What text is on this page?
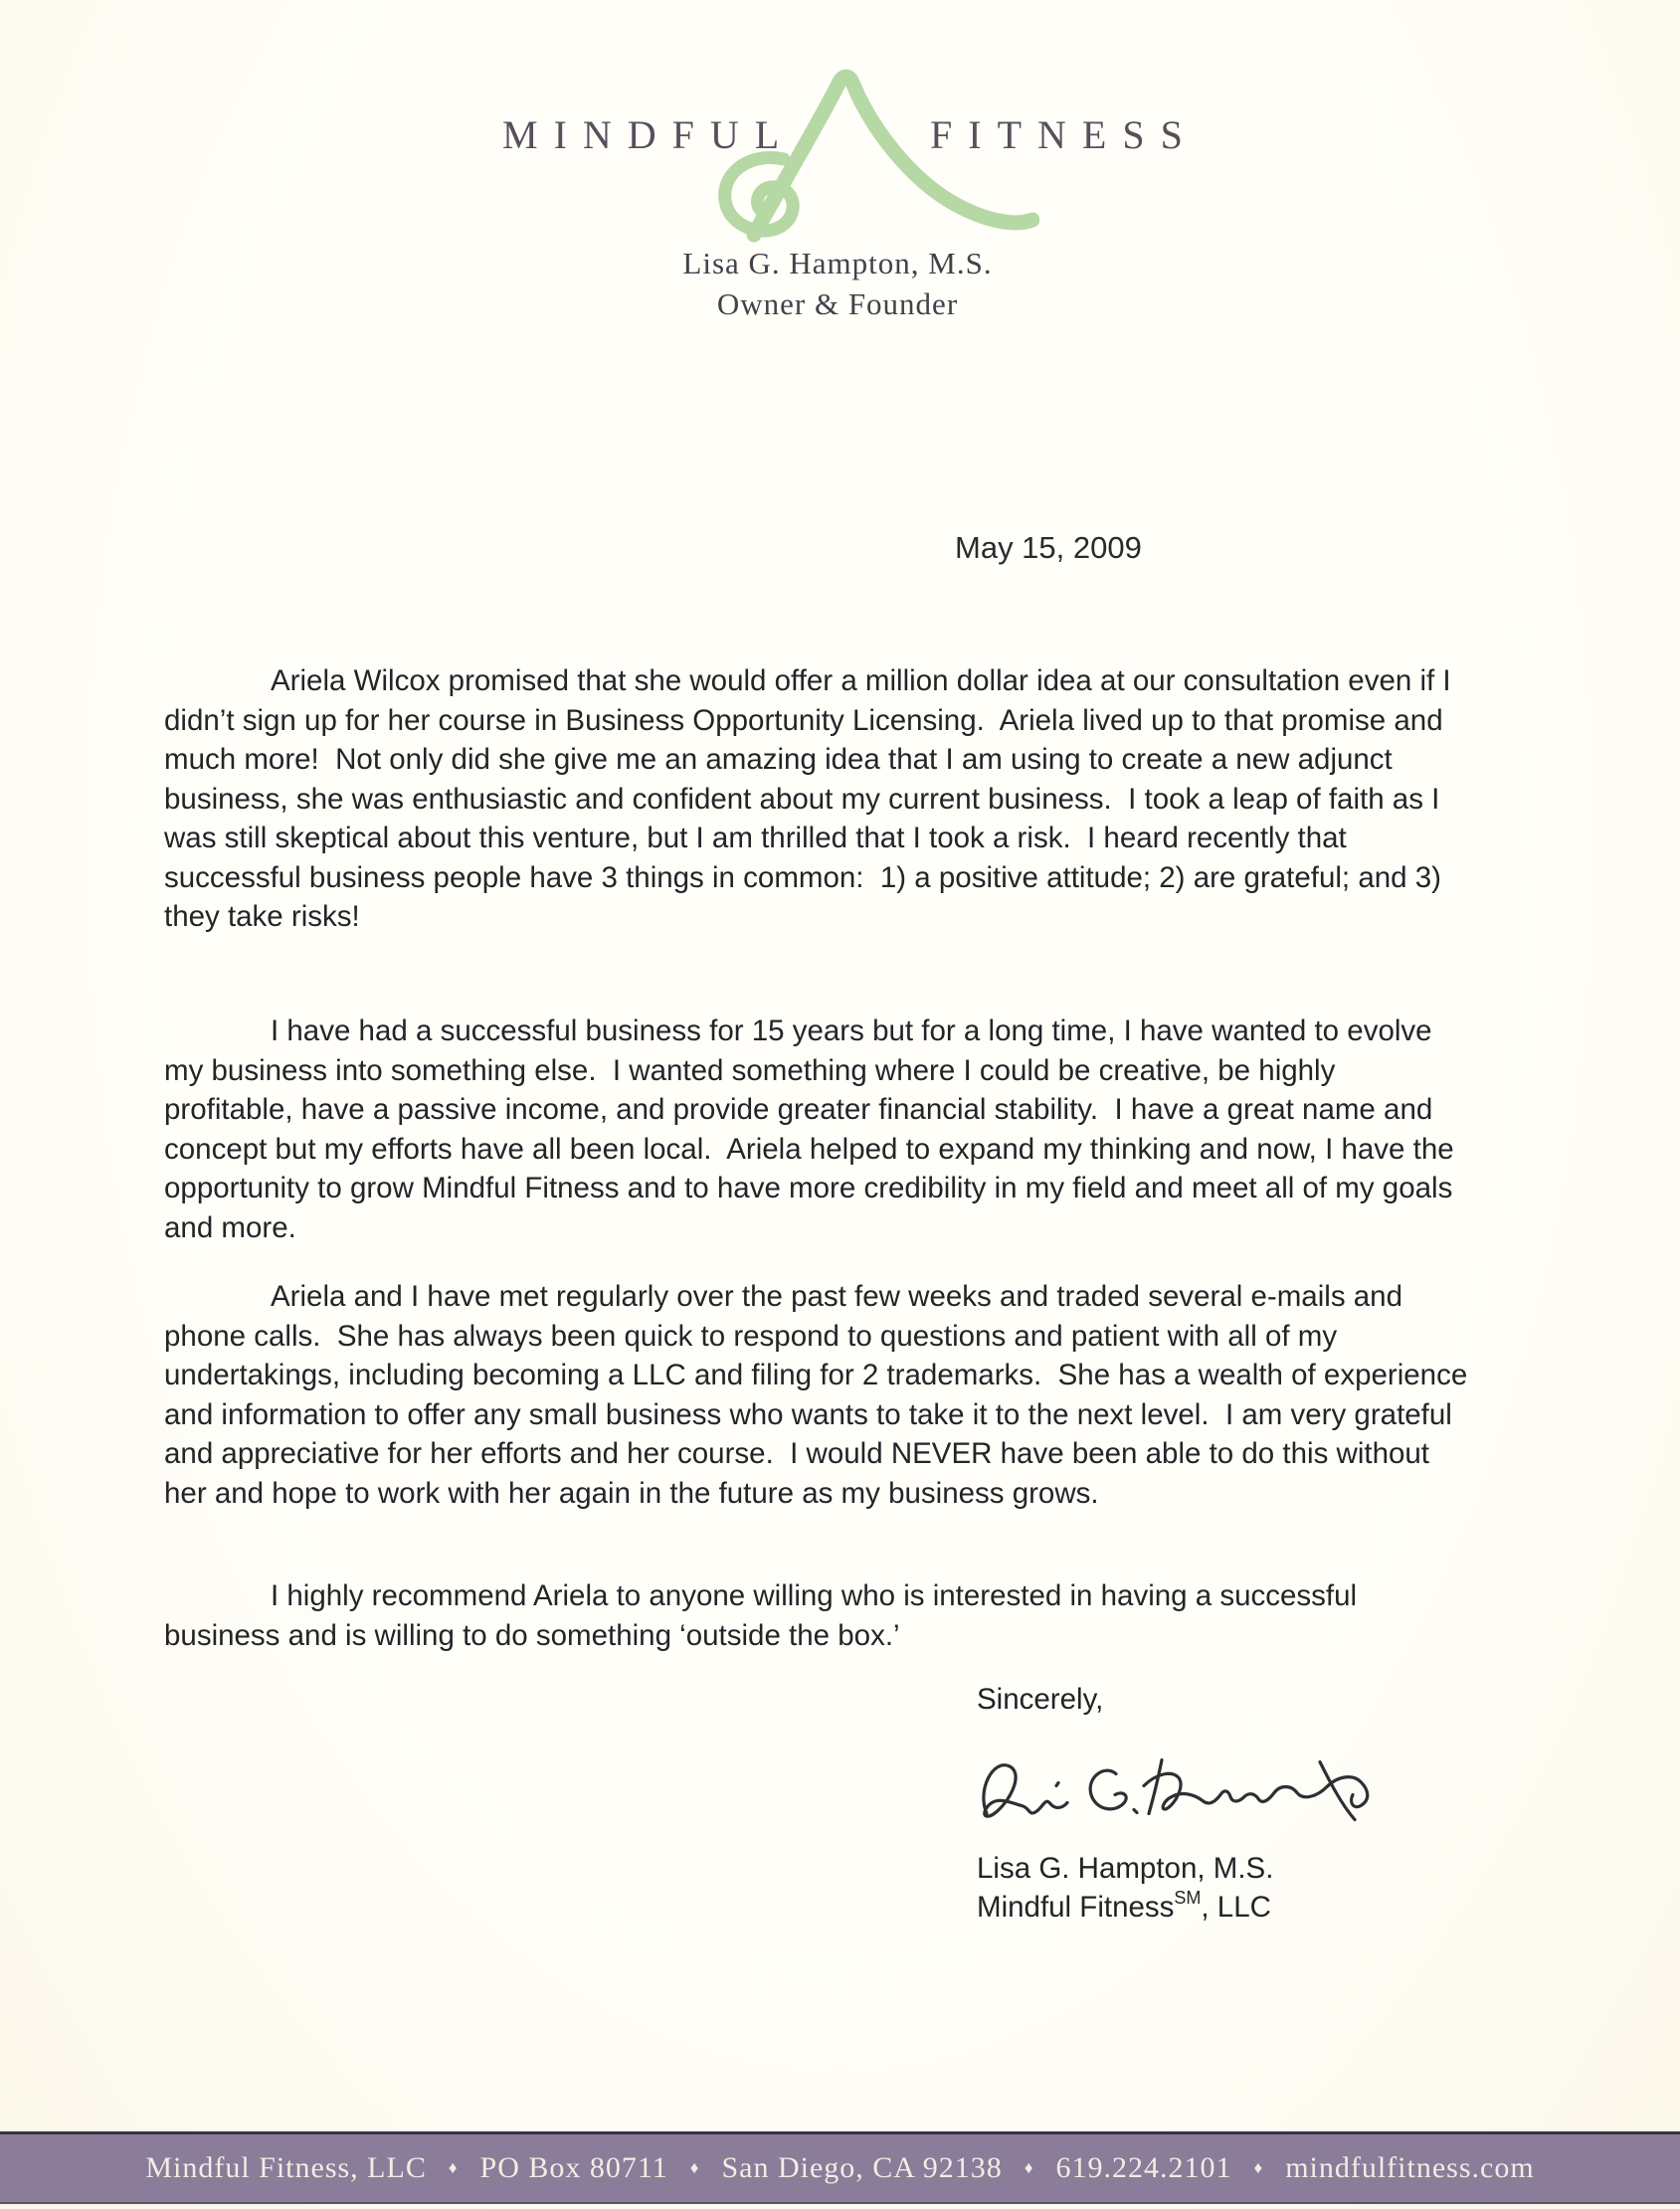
MINDFUL	FITNESS
Lisa G. Hampton, M.S.
Owner & Founder
May 15, 2009

Ariela Wilcox promised that she would offer a million dollar idea at our consultation even if I didn’t sign up for her course in Business Opportunity Licensing.  Ariela lived up to that promise and much more!  Not only did she give me an amazing idea that I am using to create a new adjunct business, she was enthusiastic and confident about my current business.  I took a leap of faith as I was still skeptical about this venture, but I am thrilled that I took a risk.  I heard recently that successful business people have 3 things in common:  1) a positive attitude; 2) are grateful; and 3) they take risks!

I have had a successful business for 15 years but for a long time, I have wanted to evolve my business into something else.  I wanted something where I could be creative, be highly profitable, have a passive income, and provide greater financial stability.  I have a great name and concept but my efforts have all been local.  Ariela helped to expand my thinking and now, I have the opportunity to grow Mindful Fitness and to have more credibility in my field and meet all of my goals and more.

Ariela and I have met regularly over the past few weeks and traded several e-mails and phone calls.  She has always been quick to respond to questions and patient with all of my undertakings, including becoming a LLC and filing for 2 trademarks.  She has a wealth of experience and information to offer any small business who wants to take it to the next level.  I am very grateful and appreciative for her efforts and her course.  I would NEVER have been able to do this without her and hope to work with her again in the future as my business grows.

I highly recommend Ariela to anyone willing who is interested in having a successful business and is willing to do something ‘outside the box.’

Sincerely,
Lisa G. Hampton, M.S.
Mindful Fitness℠, LLC
Mindful Fitness, LLC ♦ PO Box 80711 ♦ San Diego, CA 92138 ♦ 619.224.2101 ♦ mindfulfitness.com
